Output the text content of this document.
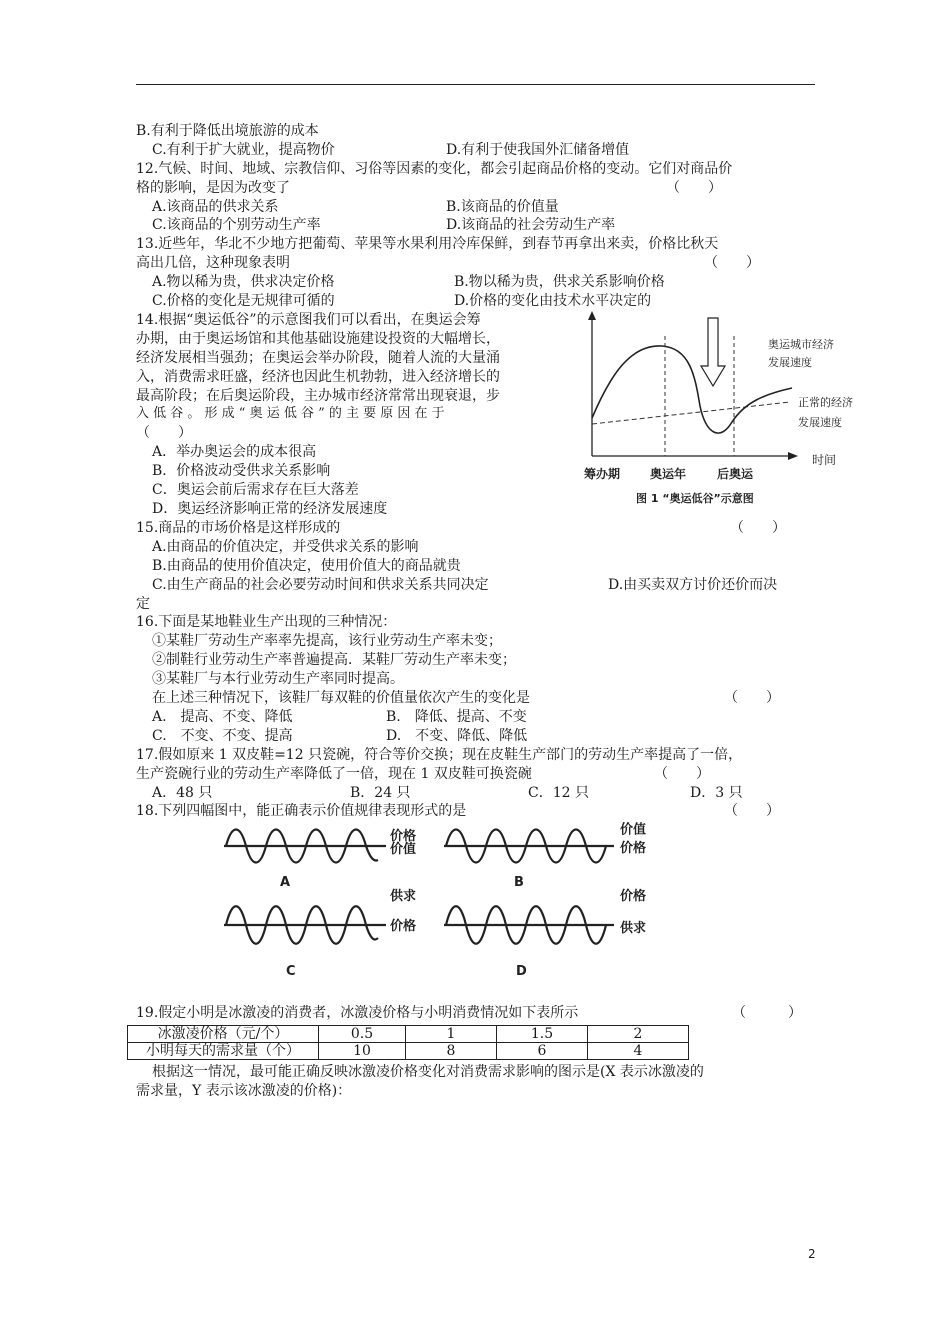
B.有利于降低出境旅游的成本
C.有利于扩大就业，提高物价	D.有利于使我国外汇储备增值
12.气候、时间、地域、宗教信仰、习俗等因素的变化，都会引起商品价格的变动。它们对商品价
格的影响，是因为改变了	（　　）
A.该商品的供求关系	B.该商品的价值量
C.该商品的个别劳动生产率	D.该商品的社会劳动生产率
13.近些年，华北不少地方把葡萄、苹果等水果利用冷库保鲜，到春节再拿出来卖，价格比秋天
高出几倍，这种现象表明	（　　）
A.物以稀为贵，供求决定价格	B.物以稀为贵，供求关系影响价格
C.价格的变化是无规律可循的	D.价格的变化由技术水平决定的
14.根据“奥运低谷”的示意图我们可以看出，在奥运会筹
办期，由于奥运场馆和其他基础设施建设投资的大幅增长，
经济发展相当强劲；在奥运会举办阶段，随着人流的大量涌
入，消费需求旺盛，经济也因此生机勃勃，进入经济增长的
最高阶段；在后奥运阶段，主办城市经济常常出现衰退，步
入 低 谷 。 形 成 “ 奥 运 低 谷 ” 的 主 要 原 因 在 于
（　　）
A．举办奥运会的成本很高
B．价格波动受供求关系影响
C．奥运会前后需求存在巨大落差
D．奥运经济影响正常的经济发展速度
奥运城市经济
发展速度
正常的经济
发展速度
筹办期 奥运年	后奥运
时间
图 1 “奥运低谷”示意图
15.商品的市场价格是这样形成的	（　　）
A.由商品的价值决定，并受供求关系的影响
B.由商品的使用价值决定，使用价值大的商品就贵
C.由生产商品的社会必要劳动时间和供求关系共同决定	D.由买卖双方讨价还价而决
定
16.下面是某地鞋业生产出现的三种情况：
①某鞋厂劳动生产率率先提高，该行业劳动生产率未变；
②制鞋行业劳动生产率普遍提高．某鞋厂劳动生产率未变；
③某鞋厂与本行业劳动生产率同时提高。
在上述三种情况下，该鞋厂每双鞋的价值量依次产生的变化是	（　　）
A.　提高、不变、降低	B.　降低、提高、不变
C.　不变、不变、提高	D.　不变、降低、降低
17.假如原来 1 双皮鞋=12 只瓷碗，符合等价交换；现在皮鞋生产部门的劳动生产率提高了一倍，
生产瓷碗行业的劳动生产率降低了一倍，现在 1 双皮鞋可换瓷碗	（　　）
A．48 只	B．24 只	C．12 只	D．3 只
18.下列四幅图中，能正确表示价值规律表现形式的是	（　　）
价格
价值
A
价值
价格
B
供求
价格
C
价格
供求
D
19.假定小明是冰激凌的消费者，冰激凌价格与小明消费情况如下表所示	（　　　）
冰激凌价格（元/个）	0.5	1	1.5	2
小明每天的需求量（个）	10	8	6	4
根据这一情况，最可能正确反映冰激凌价格变化对消费需求影响的图示是(X 表示冰激凌的
需求量，Y 表示该冰激凌的价格)：
2
